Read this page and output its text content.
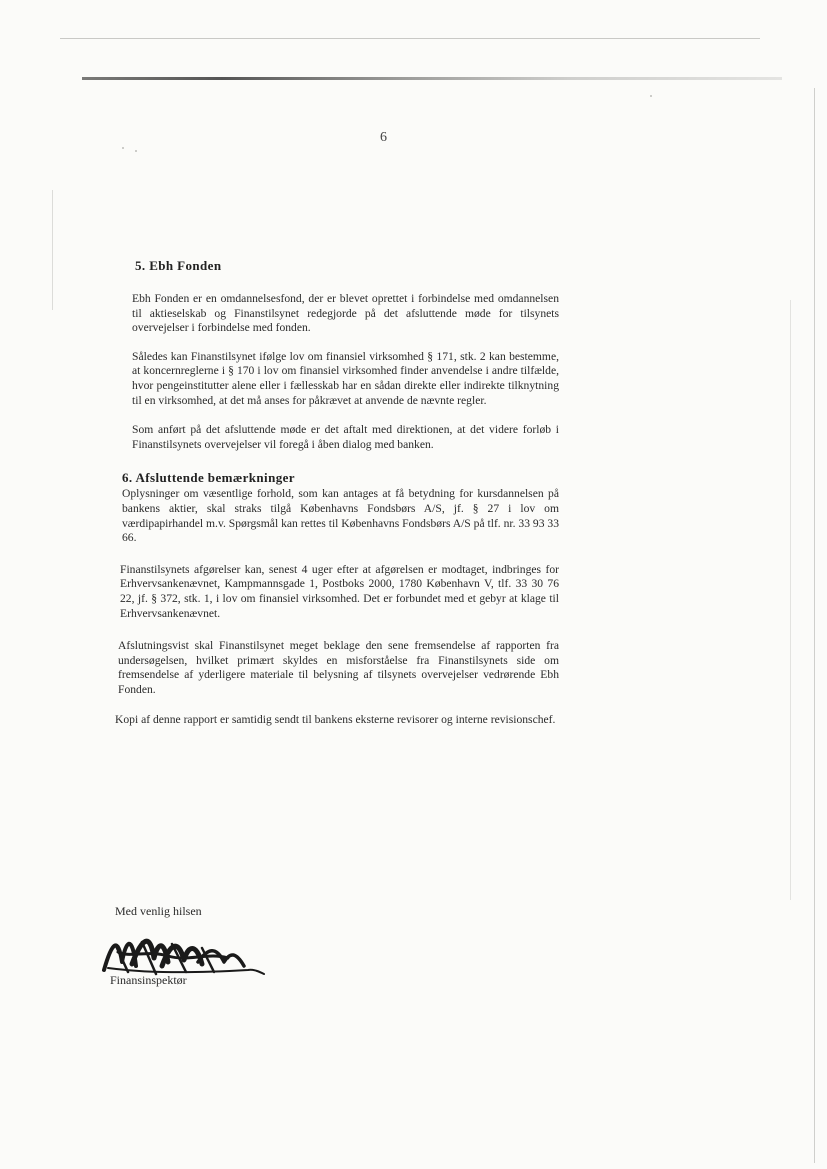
6
5. Ebh Fonden

Ebh Fonden er en omdannelsesfond, der er blevet oprettet i forbindelse med omdannelsen til aktieselskab og Finanstilsynet redegjorde på det afsluttende møde for tilsynets overvejelser i forbindelse med fonden.

Således kan Finanstilsynet ifølge lov om finansiel virksomhed § 171, stk. 2 kan bestemme, at koncernreglerne i § 170 i lov om finansiel virksomhed finder anvendelse i andre tilfælde, hvor pengeinstitutter alene eller i fællesskab har en sådan direkte eller indirekte tilknytning til en virksomhed, at det må anses for påkrævet at anvende de nævnte regler.

Som anført på det afsluttende møde er det aftalt med direktionen, at det videre forløb i Finanstilsynets overvejelser vil foregå i åben dialog med banken.

6. Afsluttende bemærkninger

Oplysninger om væsentlige forhold, som kan antages at få betydning for kursdannelsen på bankens aktier, skal straks tilgå Københavns Fondsbørs A/S, jf. § 27 i lov om værdipapirhandel m.v. Spørgsmål kan rettes til Københavns Fondsbørs A/S på tlf. nr. 33 93 33 66.

Finanstilsynets afgørelser kan, senest 4 uger efter at afgørelsen er modtaget, indbringes for Erhvervsankenævnet, Kampmannsgade 1, Postboks 2000, 1780 København V, tlf. 33 30 76 22, jf. § 372, stk. 1, i lov om finansiel virksomhed. Det er forbundet med et gebyr at klage til Erhvervsankenævnet.

Afslutningsvist skal Finanstilsynet meget beklage den sene fremsendelse af rapporten fra undersøgelsen, hvilket primært skyldes en misforståelse fra Finanstilsynets side om fremsendelse af yderligere materiale til belysning af tilsynets overvejelser vedrørende Ebh Fonden.

Kopi af denne rapport er samtidig sendt til bankens eksterne revisorer og interne revisionschef.

Med venlig hilsen
Finansinspektør
